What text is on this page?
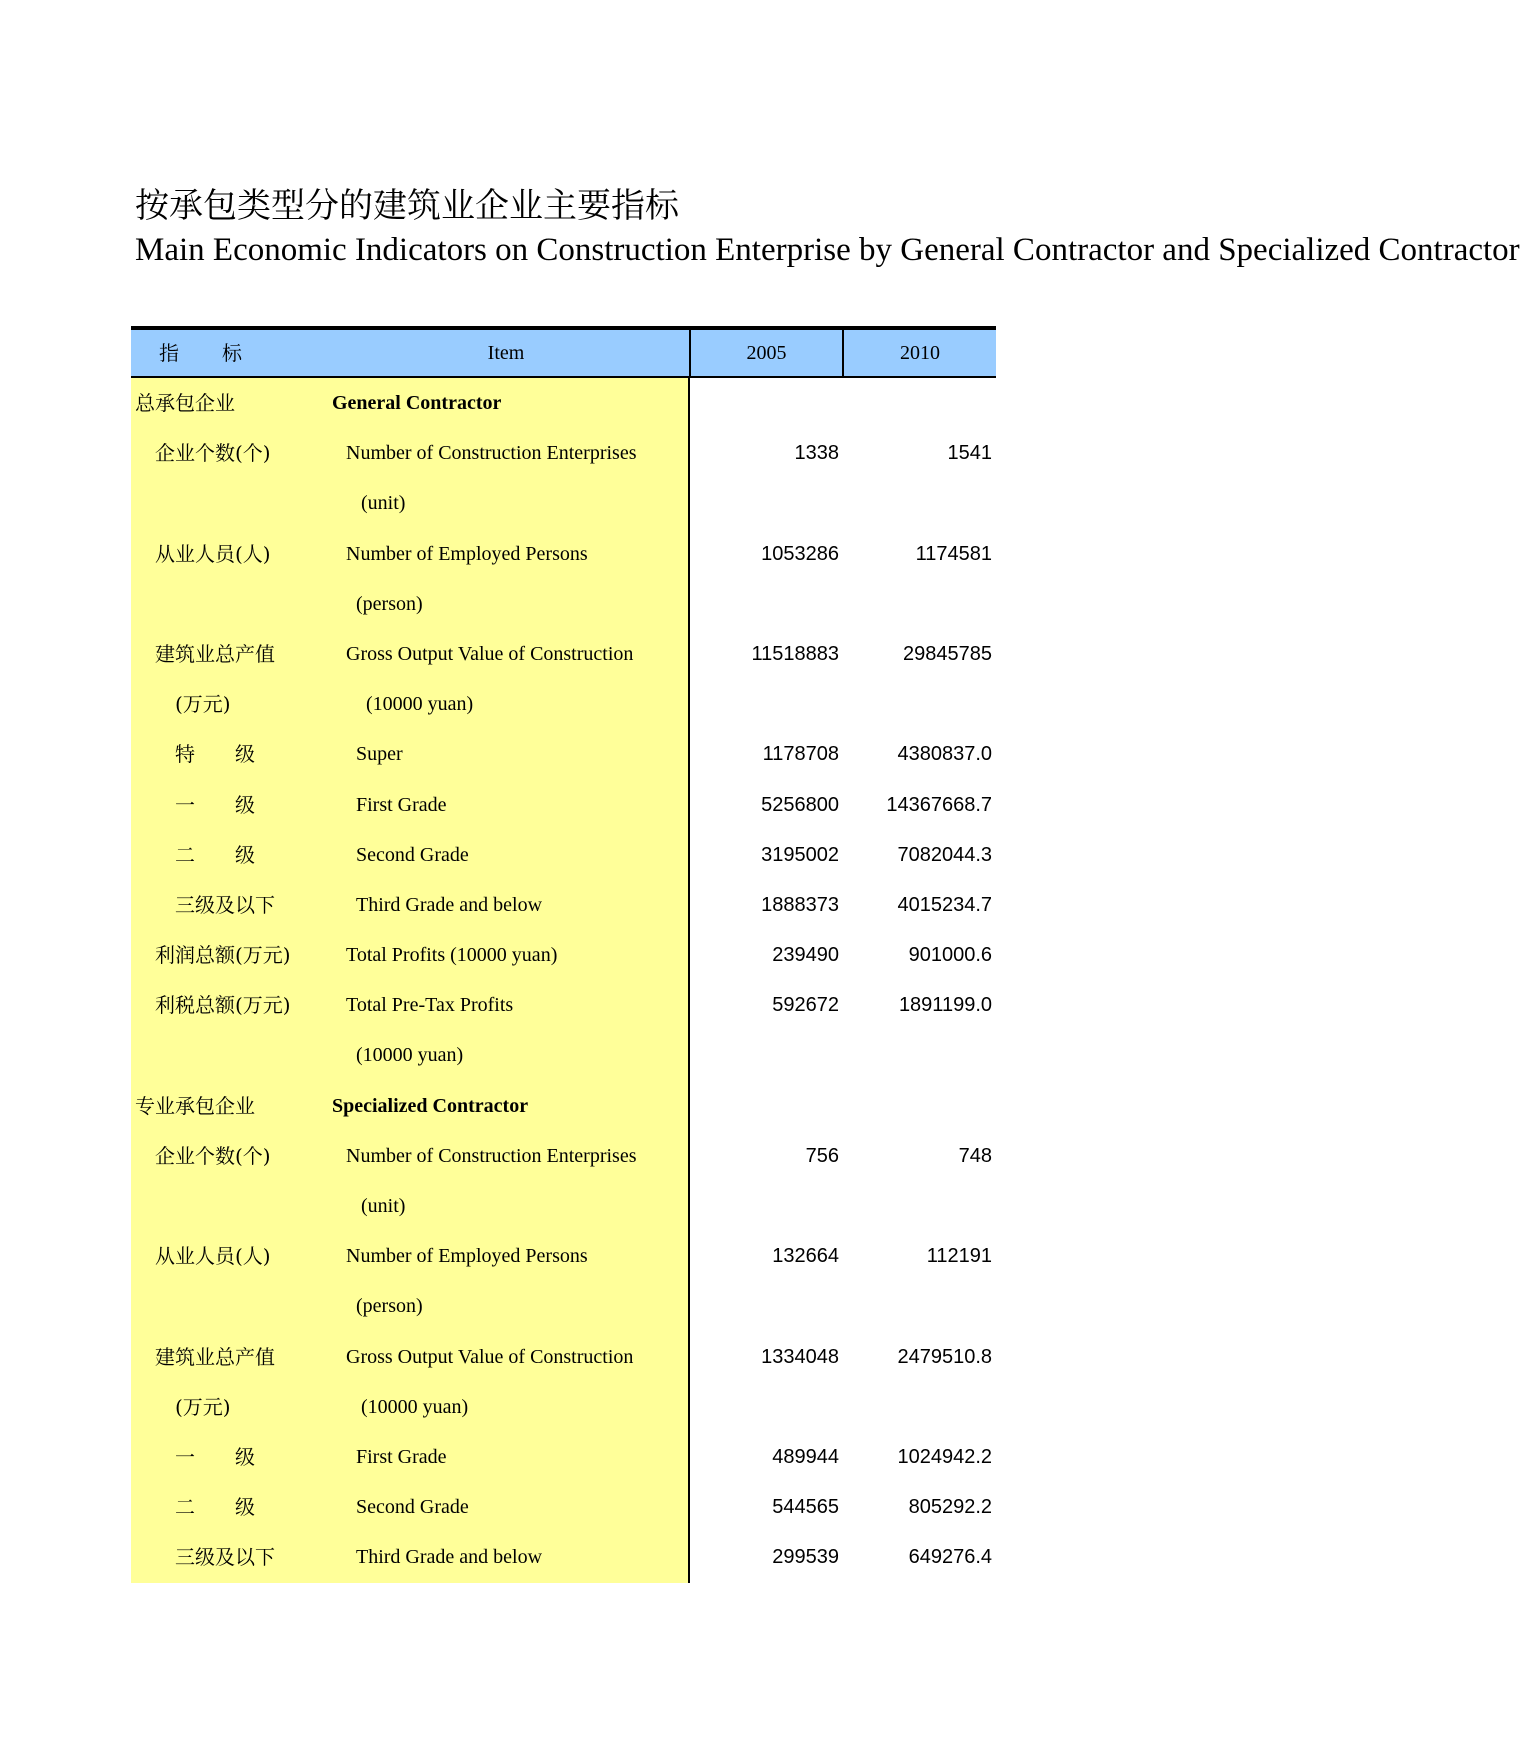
按承包类型分的建筑业企业主要指标
Main Economic Indicators on Construction Enterprise by General Contractor and Specialized Contractor
指　　标	Item	2005	2010
总承包企业	General Contractor
企业个数(个)	Number of Construction Enterprises	1338	1541
(unit)
从业人员(人)	Number of Employed Persons	1053286	1174581
(person)
建筑业总产值	Gross Output Value of Construction	11518883	29845785
(万元)	(10000 yuan)
特　　级	Super	1178708	4380837.0
一　　级	First Grade	5256800	14367668.7
二　　级	Second Grade	3195002	7082044.3
三级及以下	Third Grade and below	1888373	4015234.7
利润总额(万元)	Total Profits (10000 yuan)	239490	901000.6
利税总额(万元)	Total Pre-Tax Profits	592672	1891199.0
(10000 yuan)
专业承包企业	Specialized Contractor
企业个数(个)	Number of Construction Enterprises	756	748
(unit)
从业人员(人)	Number of Employed Persons	132664	112191
(person)
建筑业总产值	Gross Output Value of Construction	1334048	2479510.8
(万元)	(10000 yuan)
一　　级	First Grade	489944	1024942.2
二　　级	Second Grade	544565	805292.2
三级及以下	Third Grade and below	299539	649276.4
